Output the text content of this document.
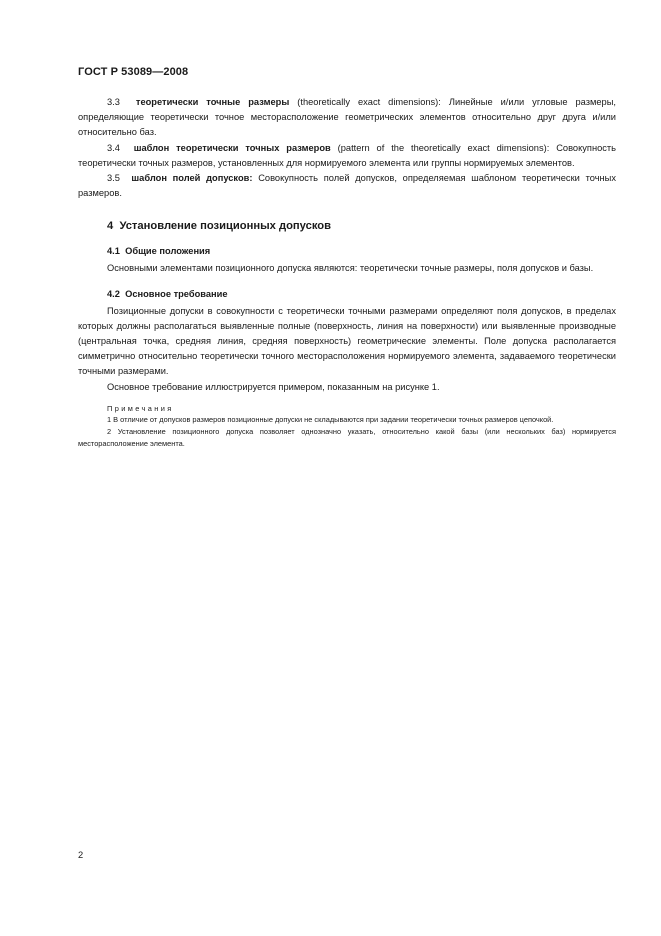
ГОСТ Р 53089—2008

3.3 теоретически точные размеры (theoretically exact dimensions): Линейные и/или угловые размеры, определяющие теоретически точное месторасположение геометрических элементов относительно друг друга и/или относительно баз.

3.4 шаблон теоретически точных размеров (pattern of the theoretically exact dimensions): Совокупность теоретически точных размеров, установленных для нормируемого элемента или группы нормируемых элементов.

3.5 шаблон полей допусков: Совокупность полей допусков, определяемая шаблоном теоретически точных размеров.

4 Установление позиционных допусков
4.1 Общие положения

Основными элементами позиционного допуска являются: теоретически точные размеры, поля допусков и базы.

4.2 Основное требование

Позиционные допуски в совокупности с теоретически точными размерами определяют поля допусков, в пределах которых должны располагаться выявленные полные (поверхность, линия на поверхности) или выявленные производные (центральная точка, средняя линия, средняя поверхность) геометрические элементы. Поле допуска располагается симметрично относительно теоретически точного месторасположения нормируемого элемента, задаваемого теоретически точными размерами.

Основное требование иллюстрируется примером, показанным на рисунке 1.

Примечания

1 В отличие от допусков размеров позиционные допуски не складываются при задании теоретически точных размеров цепочкой.

2 Установление позиционного допуска позволяет однозначно указать, относительно какой базы (или нескольких баз) нормируется месторасположение элемента.

2
